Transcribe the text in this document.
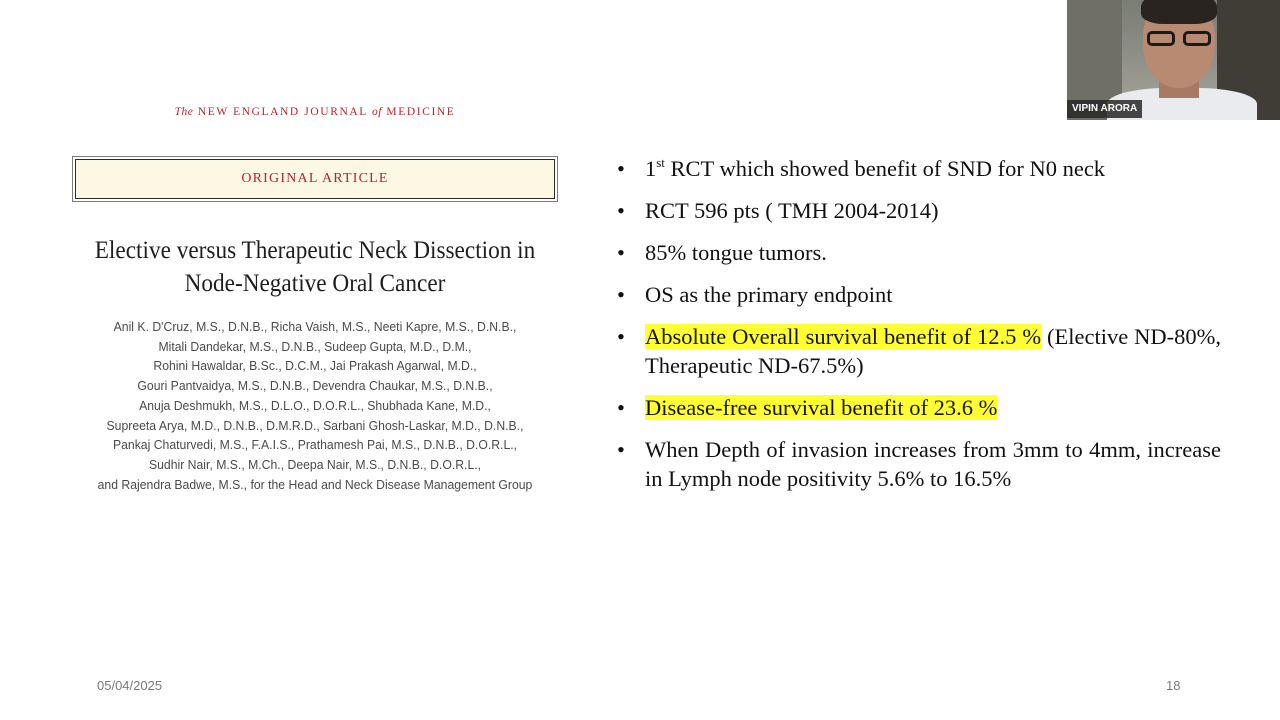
The NEW ENGLAND JOURNAL of MEDICINE
ORIGINAL ARTICLE
Elective versus Therapeutic Neck Dissection in Node-Negative Oral Cancer
Anil K. D'Cruz, M.S., D.N.B., Richa Vaish, M.S., Neeti Kapre, M.S., D.N.B.,
Mitali Dandekar, M.S., D.N.B., Sudeep Gupta, M.D., D.M.,
Rohini Hawaldar, B.Sc., D.C.M., Jai Prakash Agarwal, M.D.,
Gouri Pantvaidya, M.S., D.N.B., Devendra Chaukar, M.S., D.N.B.,
Anuja Deshmukh, M.S., D.L.O., D.O.R.L., Shubhada Kane, M.D.,
Supreeta Arya, M.D., D.N.B., D.M.R.D., Sarbani Ghosh-Laskar, M.D., D.N.B.,
Pankaj Chaturvedi, M.S., F.A.I.S., Prathamesh Pai, M.S., D.N.B., D.O.R.L.,
Sudhir Nair, M.S., M.Ch., Deepa Nair, M.S., D.N.B., D.O.R.L.,
and Rajendra Badwe, M.S., for the Head and Neck Disease Management Group
• 1st RCT which showed benefit of SND for N0 neck
• RCT 596 pts ( TMH 2004-2014)
• 85% tongue tumors.
• OS as the primary endpoint
• Absolute Overall survival benefit of 12.5 % (Elective ND-80%, Therapeutic ND-67.5%)
• Disease-free survival benefit of 23.6 %
• When Depth of invasion increases from 3mm to 4mm, increase in Lymph node positivity 5.6% to 16.5%
05/04/2025	18
VIPIN ARORA
